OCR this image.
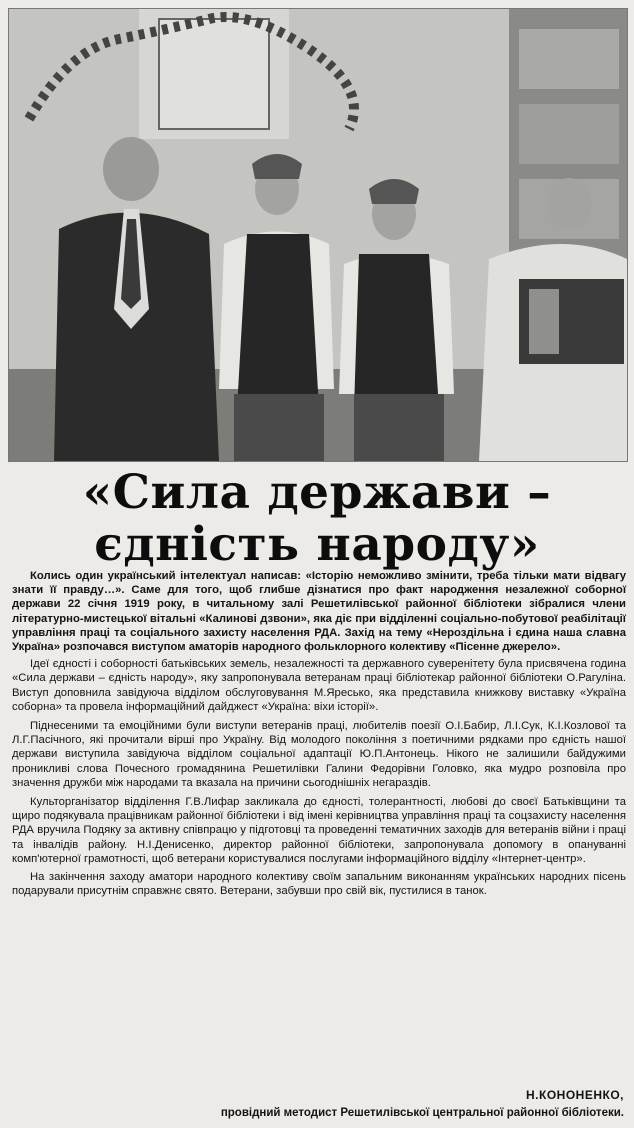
«Сила держави –
єдність народу»

Колись один український інтелектуал написав: «Історію неможливо змінити, треба тільки мати відвагу знати її правду…». Саме для того, щоб глибше дізнатися про факт народження незалежної соборної держави 22 січня 1919 року, в читальному залі Решетилівської районної бібліотеки зібралися члени літературно-мистецької вітальні «Калинові дзвони», яка діє при відділенні соціально-побутової реабілітації управління праці та соціального захисту населення РДА. Захід на тему «Нероздільна і єдина наша славна Україна» розпочався виступом аматорів народного фольклорного колективу «Пісенне джерело».

Ідеї єдності і соборності батьківських земель, незалежності та державного суверенітету була присвячена година «Сила держави – єдність народу», яку запропонувала ветеранам праці бібліотекар районної бібліотеки О.Рагуліна. Виступ доповнила завідуюча відділом обслуговування М.Яресько, яка представила книжкову виставку «Україна соборна» та провела інформаційний дайджест «Україна: віхи історії».

Піднесеними та емоційними були виступи ветеранів праці, любителів поезії О.І.Бабир, Л.І.Сук, К.І.Козлової та Л.Г.Пасічного, які прочитали вірші про Україну. Від молодого покоління з поетичними рядками про єдність нашої держави виступила завідуюча відділом соціальної адаптації Ю.П.Антонець. Нікого не залишили байдужими проникливі слова Почесного громадянина Решетилівки Галини Федорівни Головко, яка мудро розповіла про значення дружби між народами та вказала на причини сьогоднішніх негараздів.

Культорганізатор відділення Г.В.Лифар закликала до єдності, толерантності, любові до своєї Батьківщини та щиро подякувала працівникам районної бібліотеки і від імені керівництва управління праці та соцзахисту населення РДА вручила Подяку за активну співпрацю у підготовці та проведенні тематичних заходів для ветеранів війни і праці та інвалідів району. Н.І.Денисенко, директор районної бібліотеки, запропонувала допомогу в опануванні комп'ютерної грамотності, щоб ветерани користувалися послугами інформаційного відділу «Інтернет-центр».

На закінчення заходу аматори народного колективу своїм запальним виконанням українських народних пісень подарували присутнім справжнє свято. Ветерани, забувши про свій вік, пустилися в танок.

Н.КОНОНЕНКО,
провідний методист Решетилівської центральної районної бібліотеки.
